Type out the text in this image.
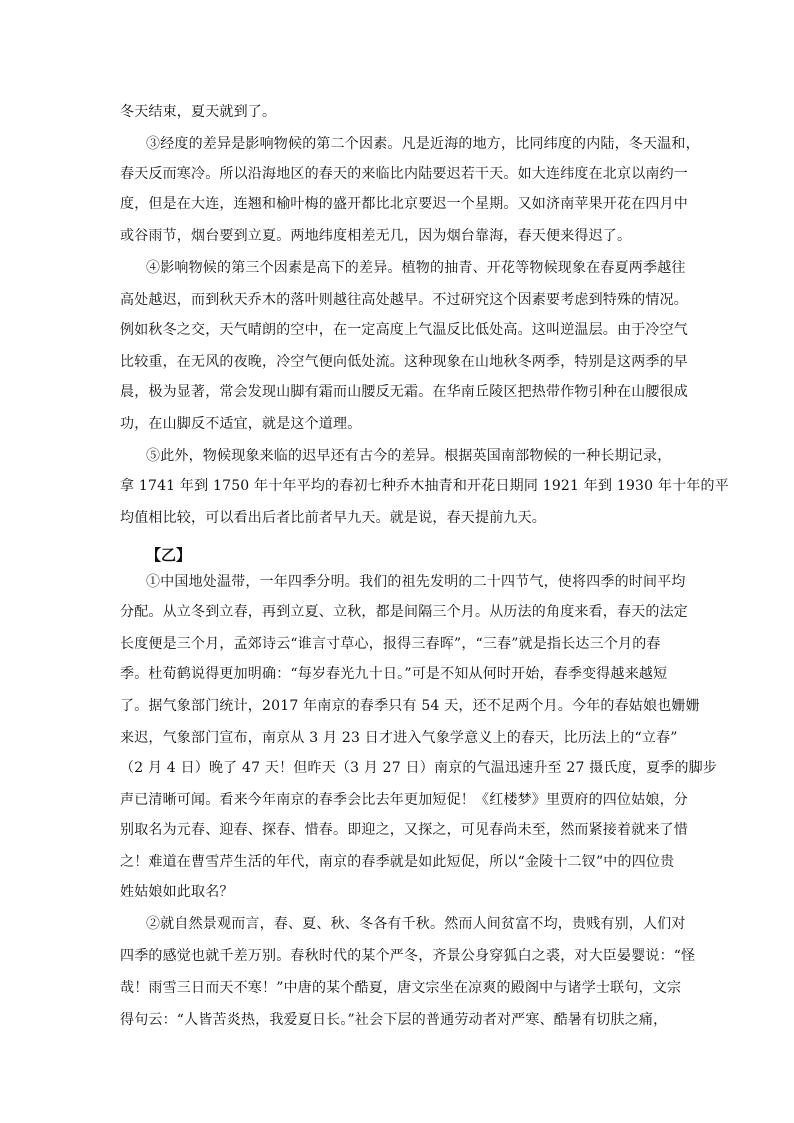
冬天结束，夏天就到了。
③经度的差异是影响物候的第二个因素。凡是近海的地方，比同纬度的内陆，冬天温和，
春天反而寒冷。所以沿海地区的春天的来临比内陆要迟若干天。如大连纬度在北京以南约一
度，但是在大连，连翘和榆叶梅的盛开都比北京要迟一个星期。又如济南苹果开花在四月中
或谷雨节，烟台要到立夏。两地纬度相差无几，因为烟台靠海，春天便来得迟了。
④影响物候的第三个因素是高下的差异。植物的抽青、开花等物候现象在春夏两季越往
高处越迟，而到秋天乔木的落叶则越往高处越早。不过研究这个因素要考虑到特殊的情况。
例如秋冬之交，天气晴朗的空中，在一定高度上气温反比低处高。这叫逆温层。由于冷空气
比较重，在无风的夜晚，冷空气便向低处流。这种现象在山地秋冬两季，特别是这两季的早
晨，极为显著，常会发现山脚有霜而山腰反无霜。在华南丘陵区把热带作物引种在山腰很成
功，在山脚反不适宜，就是这个道理。
⑤此外，物候现象来临的迟早还有古今的差异。根据英国南部物候的一种长期记录，
拿 1741 年到 1750 年十年平均的春初七种乔木抽青和开花日期同 1921 年到 1930 年十年的平
均值相比较，可以看出后者比前者早九天。就是说，春天提前九天。
【乙】
①中国地处温带，一年四季分明。我们的祖先发明的二十四节气，使将四季的时间平均
分配。从立冬到立春，再到立夏、立秋，都是间隔三个月。从历法的角度来看，春天的法定
长度便是三个月，孟郊诗云“谁言寸草心，报得三春晖”，“三春”就是指长达三个月的春
季。杜荀鹤说得更加明确：“每岁春光九十日。”可是不知从何时开始，春季变得越来越短
了。据气象部门统计，2017 年南京的春季只有 54 天，还不足两个月。今年的春姑娘也姗姗
来迟，气象部门宣布，南京从 3 月 23 日才进入气象学意义上的春天，比历法上的“立春”
（2 月 4 日）晚了 47 天！但昨天（3 月 27 日）南京的气温迅速升至 27 摄氏度，夏季的脚步
声已清晰可闻。看来今年南京的春季会比去年更加短促！《红楼梦》里贾府的四位姑娘，分
别取名为元春、迎春、探春、惜春。即迎之，又探之，可见春尚未至，然而紧接着就来了惜
之！难道在曹雪芹生活的年代，南京的春季就是如此短促，所以“金陵十二钗”中的四位贵
姓姑娘如此取名？
②就自然景观而言，春、夏、秋、冬各有千秋。然而人间贫富不均，贵贱有别，人们对
四季的感觉也就千差万别。春秋时代的某个严冬，齐景公身穿狐白之裘，对大臣晏婴说：“怪
哉！雨雪三日而天不寒！”中唐的某个酷夏，唐文宗坐在凉爽的殿阁中与诸学士联句，文宗
得句云：“人皆苦炎热，我爱夏日长。”社会下层的普通劳动者对严寒、酷暑有切肤之痛，
